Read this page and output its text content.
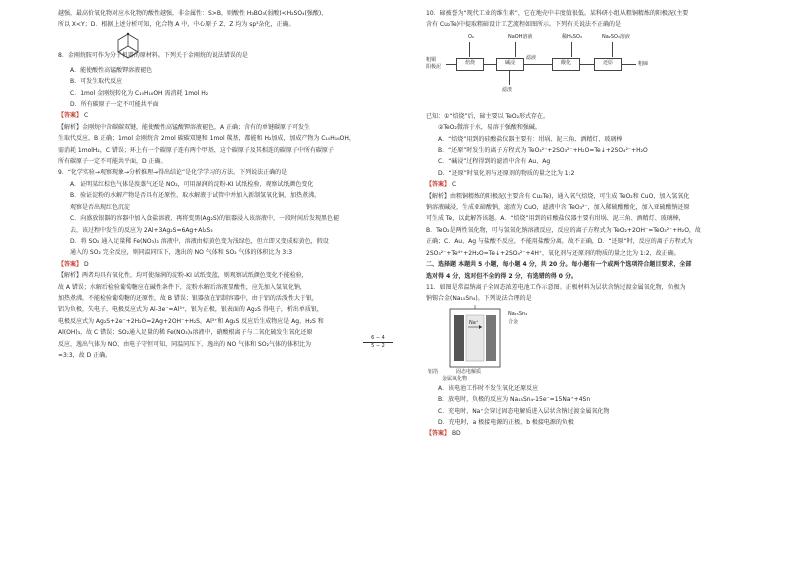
越强，最高价氧化物对应水化物的酸性越强，非金属性：S>B，则酸性 H₃BO₃(弱酸)<H₂SO₄(强酸)，

所以 X<Y；D．根据上述分析可知，化合物 A 中，中心原子 Z、Z 均为 sp³杂化，正确。

8．金刚烷胺可作为分子机器的原材料。下列关于金刚烷的说法错误的是

A．能使酸性高锰酸钾溶液褪色

B．可发生取代反应

C．1mol 金刚烷转化为 C₁₀H₁₆OH 需消耗 1mol H₂

D．所有碳原子一定不可能共平面

【答案】 C

【解析】金刚烷中含碳碳双键，能使酸性高锰酸钾溶液褪色，A 正确；含有的单键碳原子可发生

生取代反应，B 正确；1mol 金刚烷含 2mol 碳碳双键和 1mol 羰基，都能和 H₂加成，加成产物为 C₁₀H₁₆OH，

需消耗 1molH₂，C 错误；环上有一个碳原子连有两个甲基，这个碳原子及其相连的碳原子中所有碳原子

所有碳原子一定不可能共平面，D 正确。

9．“化学实验→观察现象→分析推理→得出结论”是化学学习的方法。下列说法正确的是

A．证明某红棕色气体是溴蒸气还是 NO₂，可用湿润的淀粉-KI 试纸检验，观察试纸颜色变化

B．验证淀粉的水解产物是否具有还原性，取水解液于试管中并加入新制氢氧化铜，加热煮沸，

观察是否出现红色沉淀

C．向盛放银器的容器中加入食盐溶液，再将变黑(Ag₂S)的银器浸入该溶液中，一段时间后发现黑色褪

去，该过程中发生的反应为 2Al+3Ag₂S=6Ag+Al₂S₃

D．将 SO₂ 通入足量稀 Fe(NO₃)₃ 溶液中，溶液由棕黄色变为浅绿色，但立即又变成棕黄色，假设

通入的 SO₂ 完全反应，则同温同压下，逸出的 NO 气体和 SO₂ 气体的体积比为 3:3

【答案】 D

【解析】两者均具有氧化性，均可使湿润的淀粉-KI 试纸变蓝，则观察试纸颜色变化不能检验，

故 A 错误；水解后检验葡萄糖应在碱性条件下，淀粉水解后溶液显酸性，应先加入氢氧化钠，

加热煮沸，不能检验葡萄糖的还原性，故 B 错误；银器放在铝制容器中，由于铝的活泼性大于银，

铝为负极，失电子，电极反应式为 Al-3e⁻=Al³⁺，银为正极，银表面的 Ag₂S 得电子，析出单质银，

电极反应式为 Ag₂S+2e⁻+2H₂O=2Ag+2OH⁻+H₂S，Al³⁺和 Ag₂S 反应后生成物应是 Ag、H₂S 和

Al(OH)₃，故 C 错误；SO₂通入足量的稀 Fe(NO₃)₃溶液中，硝酸根离子与二氧化硫发生氧化还原

反应，逸出气体为 NO，由电子守恒可知，同温同压下，逸出的 NO 气体和 SO₂气体的体积比为	$\frac{6 - 4}{5 - 2}$

=3:3，故 D 正确。

10．碲被誉为“现代工业的维生素”，它在地壳中丰度值很低。某科研小组从粗铜精炼的阳极泥(主要

含有 Cu₂Te)中提取粗碲设计工艺流程如图所示。下列有关说法不正确的是

粗铜
阳极泥
O₂	NaOH溶液	稀H₂SO₄	Na₂SO₃溶液
焙烧	碱浸
滤液
酸化	还原	粗碲
滤渣

已知：①“焙烧”后，碲主要以 TeO₂形式存在。

②TeO₂微溶于水，易溶于强酸和强碱。

A．“焙烧”用到的硅酸盐仪器主要有：坩埚、泥三角、酒精灯、玻璃棒

B．“还原”时发生的离子方程式为 TeO₃²⁻+2SO₃²⁻+H₂O=Te↓+2SO₄²⁻+H₂O

C．“碱浸”过程得到的滤渣中含有 Au、Ag

D．“还原”时氧化剂与还原剂的物质的量之比为 1:2

【答案】 C

【解析】由粗铜精炼的阳极泥(主要含有 Cu₂Te)，通入氧气焙烧，可生成 TeO₂和 CuO，加入氢氧化

钠溶液碱浸，生成亚碲酸钠，滤渣为 CuO，滤液中含 TeO₃²⁻，加入稀硫酸酸化，加入亚硫酸钠还原

可生成 Te，以此解答该题。A．“焙烧”用到的硅酸盐仪器主要有坩埚、泥三角、酒精灯、玻璃棒，

B．TeO₂是两性氧化物，可与氢氧化钠溶液反应，反应的离子方程式为 TeO₂+2OH⁻=TeO₃²⁻+H₂O，故

正确；C．Au、Ag 与盐酸不反应，不能用盐酸分离，故不正确，D．“还原”时，反应的离子方程式为

2SO₃²⁻+Te⁴⁺+2H₂O=Te↓+2SO₄²⁻+4H⁺，氧化剂与还原剂的物质的量之比为 1:2，故正确。

二、选择题 本题共 5 小题，每小题 4 分，共 20 分。每小题有一个或两个选项符合题目要求，全部

选对得 4 分，选对但不全的得 2 分，有选错的得 0 分。

11．如图是常温钠离子全固态浓差电池工作示意图。正极材料为层状含钠过渡金属氧化物，负极为

钠锡合金(Na₁₅Sn₄)。下列说法合理的是

Na₁₅Sn₄
合金
Na⁺
铝箔	固态电解质
金属氧化物

A．该电池工作时不发生氧化还原反应

B．放电时，负极的反应为 Na₁₅Sn₄-15e⁻=15Na⁺+4Sn

C．充电时，Na⁺会穿过固态电解质进入层状含钠过渡金属氧化物

D．充电时，a 极接电源的正极，b 极接电源的负极

【答案】 BD
